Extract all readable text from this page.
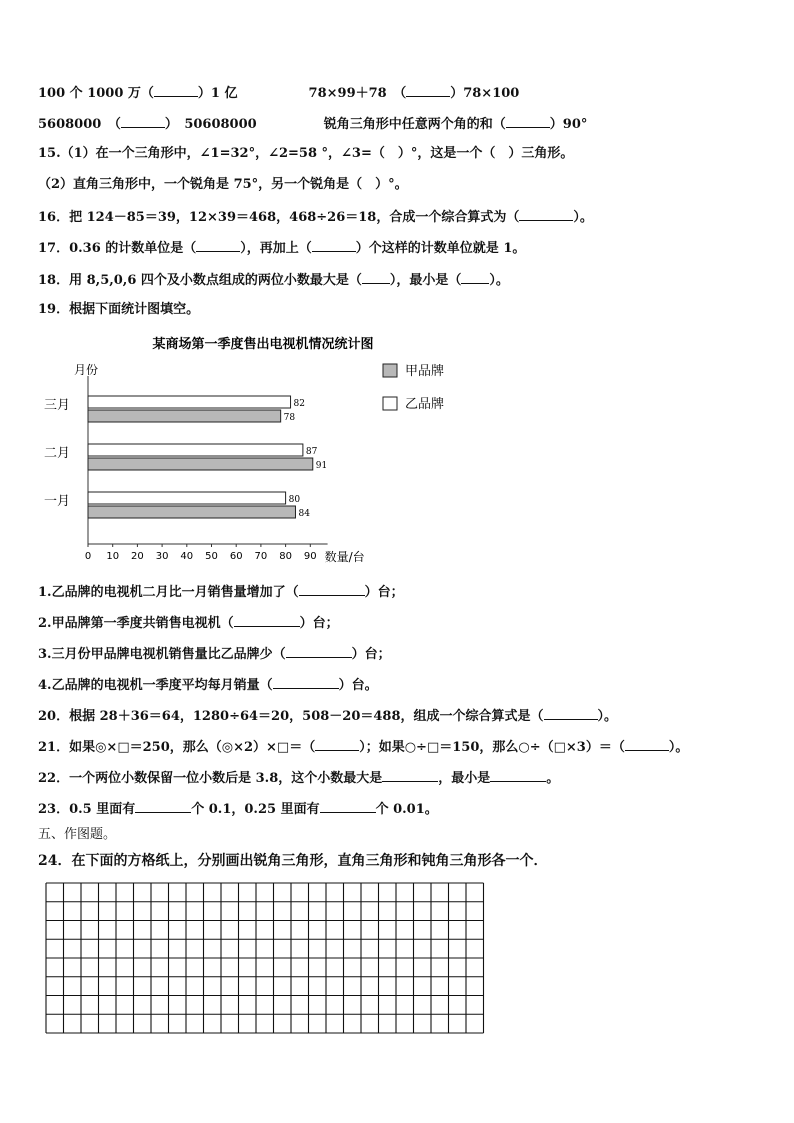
100 个 1000 万（	）1 亿	78×99＋78　（	）78×100
5608000　（	）　50608000	锐角三角形中任意两个角的和（	）90°
15.（1）在一个三角形中，∠1=32°，∠2=58 °，∠3=（　）°，这是一个（　）三角形。
（2）直角三角形中，一个锐角是 75°，另一个锐角是（　）°。
16．把 124－85＝39，12×39＝468，468÷26＝18，合成一个综合算式为（	）。
17．0.36 的计数单位是（	），再加上（	）个这样的计数单位就是 1。
18．用 8,5,0,6 四个及小数点组成的两位小数最大是（ ），最小是（ ）。
19．根据下面统计图填空。
某商场第一季度售出电视机情况统计图
月份
0 10 20 30 40 50 60 70 80 90 数量/台
三月	82
78
二月	87
91
一月	80
84
甲品牌
乙品牌
1.乙品牌的电视机二月比一月销售量增加了（	）台；
2.甲品牌第一季度共销售电视机（	）台；
3.三月份甲品牌电视机销售量比乙品牌少（	）台；
4.乙品牌的电视机一季度平均每月销量（	）台。
20．根据 28＋36＝64，1280÷64＝20，508－20＝488，组成一个综合算式是（	）。
21．如果◎×□＝250，那么（◎×2）×□＝（	）；如果○÷□＝150，那么○÷（□×3）＝（	）。
22．一个两位小数保留一位小数后是 3.8，这个小数最大是	，最小是	。
23．0.5 里面有	个 0.1，0.25 里面有	个 0.01。
五、作图题。
24．在下面的方格纸上，分别画出锐角三角形，直角三角形和钝角三角形各一个．
